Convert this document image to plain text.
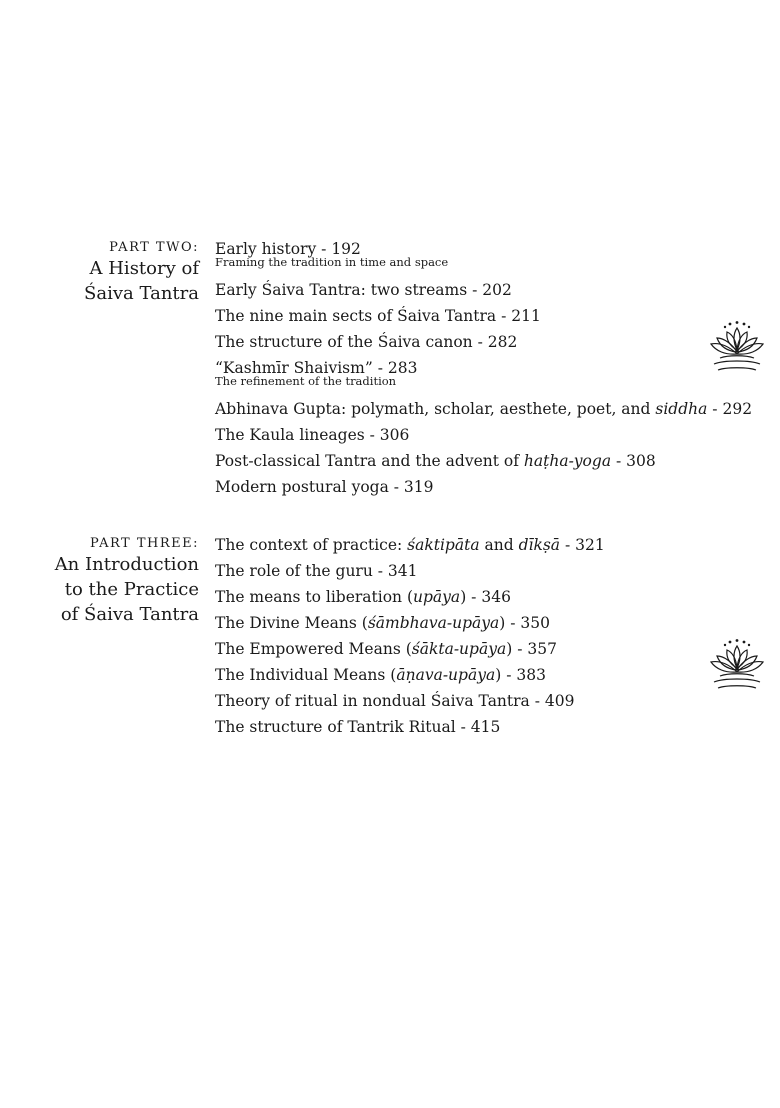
PART TWO:
A History of
Śaiva Tantra
Early history - 192
Framing the tradition in time and space
Early Śaiva Tantra: two streams - 202
The nine main sects of Śaiva Tantra - 211
The structure of the Śaiva canon - 282
“Kashmīr Shaivism” - 283
The refinement of the tradition
Abhinava Gupta: polymath, scholar, aesthete, poet, and siddha - 292
The Kaula lineages - 306
Post-classical Tantra and the advent of haṭha-yoga - 308
Modern postural yoga - 319
PART THREE:
An Introduction
to the Practice
of Śaiva Tantra
The context of practice: śaktipāta and dīkṣā - 321
The role of the guru - 341
The means to liberation (upāya) - 346
The Divine Means (śāmbhava-upāya) - 350
The Empowered Means (śākta-upāya) - 357
The Individual Means (āṇava-upāya) - 383
Theory of ritual in nondual Śaiva Tantra - 409
The structure of Tantrik Ritual - 415
